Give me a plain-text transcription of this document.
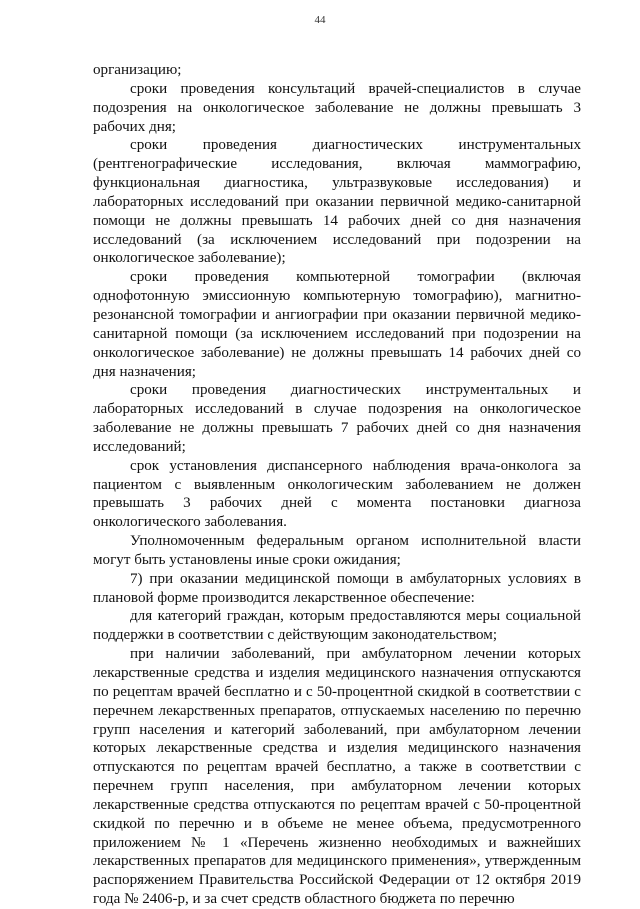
44

организацию;

сроки проведения консультаций врачей-специалистов в случае подозрения на онкологическое заболевание не должны превышать 3 рабочих дня;

сроки проведения диагностических инструментальных (рентгенографические исследования, включая маммографию, функциональная диагностика, ультразвуковые исследования) и лабораторных исследований при оказании первичной медико-санитарной помощи не должны превышать 14 рабочих дней со дня назначения исследований (за исключением исследований при подозрении на онкологическое заболевание);

сроки проведения компьютерной томографии (включая однофотонную эмиссионную компьютерную томографию), магнитно-резонансной томографии и ангиографии при оказании первичной медико-санитарной помощи (за исключением исследований при подозрении на онкологическое заболевание) не должны превышать 14 рабочих дней со дня назначения;

сроки проведения диагностических инструментальных и лабораторных исследований в случае подозрения на онкологическое заболевание не должны превышать 7 рабочих дней со дня назначения исследований;

срок установления диспансерного наблюдения врача-онколога за пациентом с выявленным онкологическим заболеванием не должен превышать 3 рабочих дней с момента постановки диагноза онкологического заболевания.

Уполномоченным федеральным органом исполнительной власти могут быть установлены иные сроки ожидания;

7) при оказании медицинской помощи в амбулаторных условиях в плановой форме производится лекарственное обеспечение:

для категорий граждан, которым предоставляются меры социальной поддержки в соответствии с действующим законодательством;

при наличии заболеваний, при амбулаторном лечении которых лекарственные средства и изделия медицинского назначения отпускаются по рецептам врачей бесплатно и с 50-процентной скидкой в соответствии с перечнем лекарственных препаратов, отпускаемых населению по перечню групп населения и категорий заболеваний, при амбулаторном лечении которых лекарственные средства и изделия медицинского назначения отпускаются по рецептам врачей бесплатно, а также в соответствии с перечнем групп населения, при амбулаторном лечении которых лекарственные средства отпускаются по рецептам врачей с 50-процентной скидкой по перечню и в объеме не менее объема, предусмотренного приложением № 1 «Перечень жизненно необходимых и важнейших лекарственных препаратов для медицинского применения», утвержденным распоряжением Правительства Российской Федерации от 12 октября 2019 года № 2406-р, и за счет средств областного бюджета по перечню
